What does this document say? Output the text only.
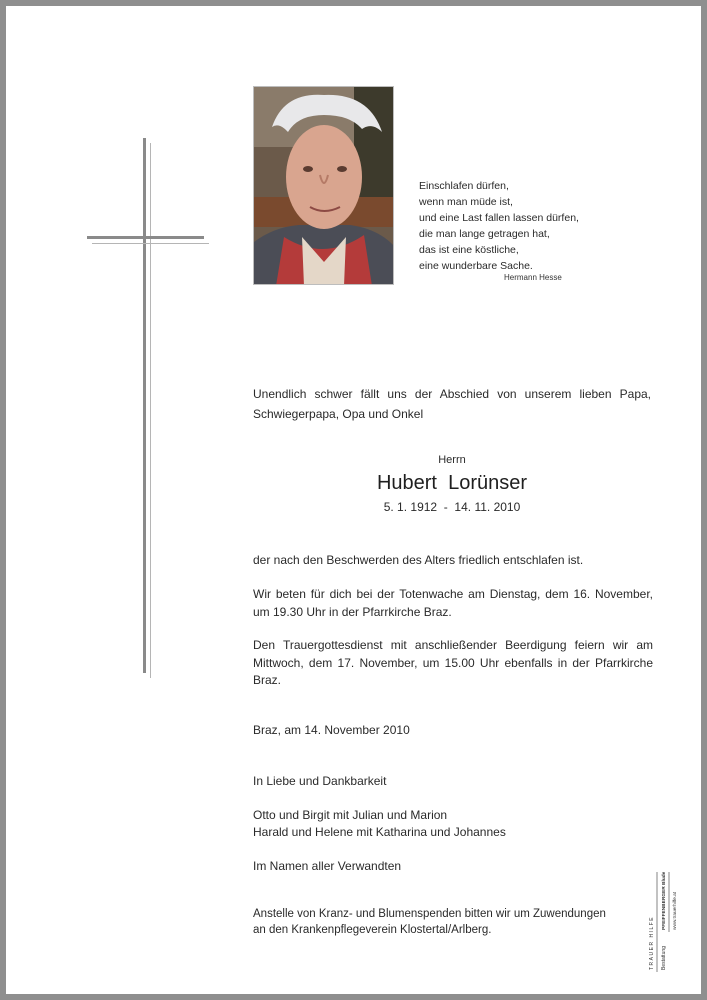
Einschlafen dürfen,
wenn man müde ist,
und eine Last fallen lassen dürfen,
die man lange getragen hat,
das ist eine köstliche,
eine wunderbare Sache.
Hermann Hesse
Unendlich schwer fällt uns der Abschied von unserem lieben Papa, Schwiegerpapa, Opa und Onkel
Herrn
Hubert  Lorünser
5. 1. 1912  -  14. 11. 2010
der nach den Beschwerden des Alters friedlich entschlafen ist.
Wir beten für dich bei der Totenwache am Dienstag, dem 16. November, um 19.30 Uhr in der Pfarrkirche Braz.
Den Trauergottesdienst mit anschließender Beerdigung feiern wir am Mittwoch, dem 17. November, um 15.00 Uhr ebenfalls in der Pfarrkirche Braz.
Braz, am 14. November 2010
In Liebe und Dankbarkeit
Otto und Birgit mit Julian und Marion
Harald und Helene mit Katharina und Johannes
Im Namen aller Verwandten
Anstelle von Kranz- und Blumenspenden bitten wir um Zuwendungen
an den Krankenpflegeverein Klostertal/Arlberg.	TRAUER HILFE Bestattung
PFEIFFENBERGER Bludenz www.trauerhilfe.at
